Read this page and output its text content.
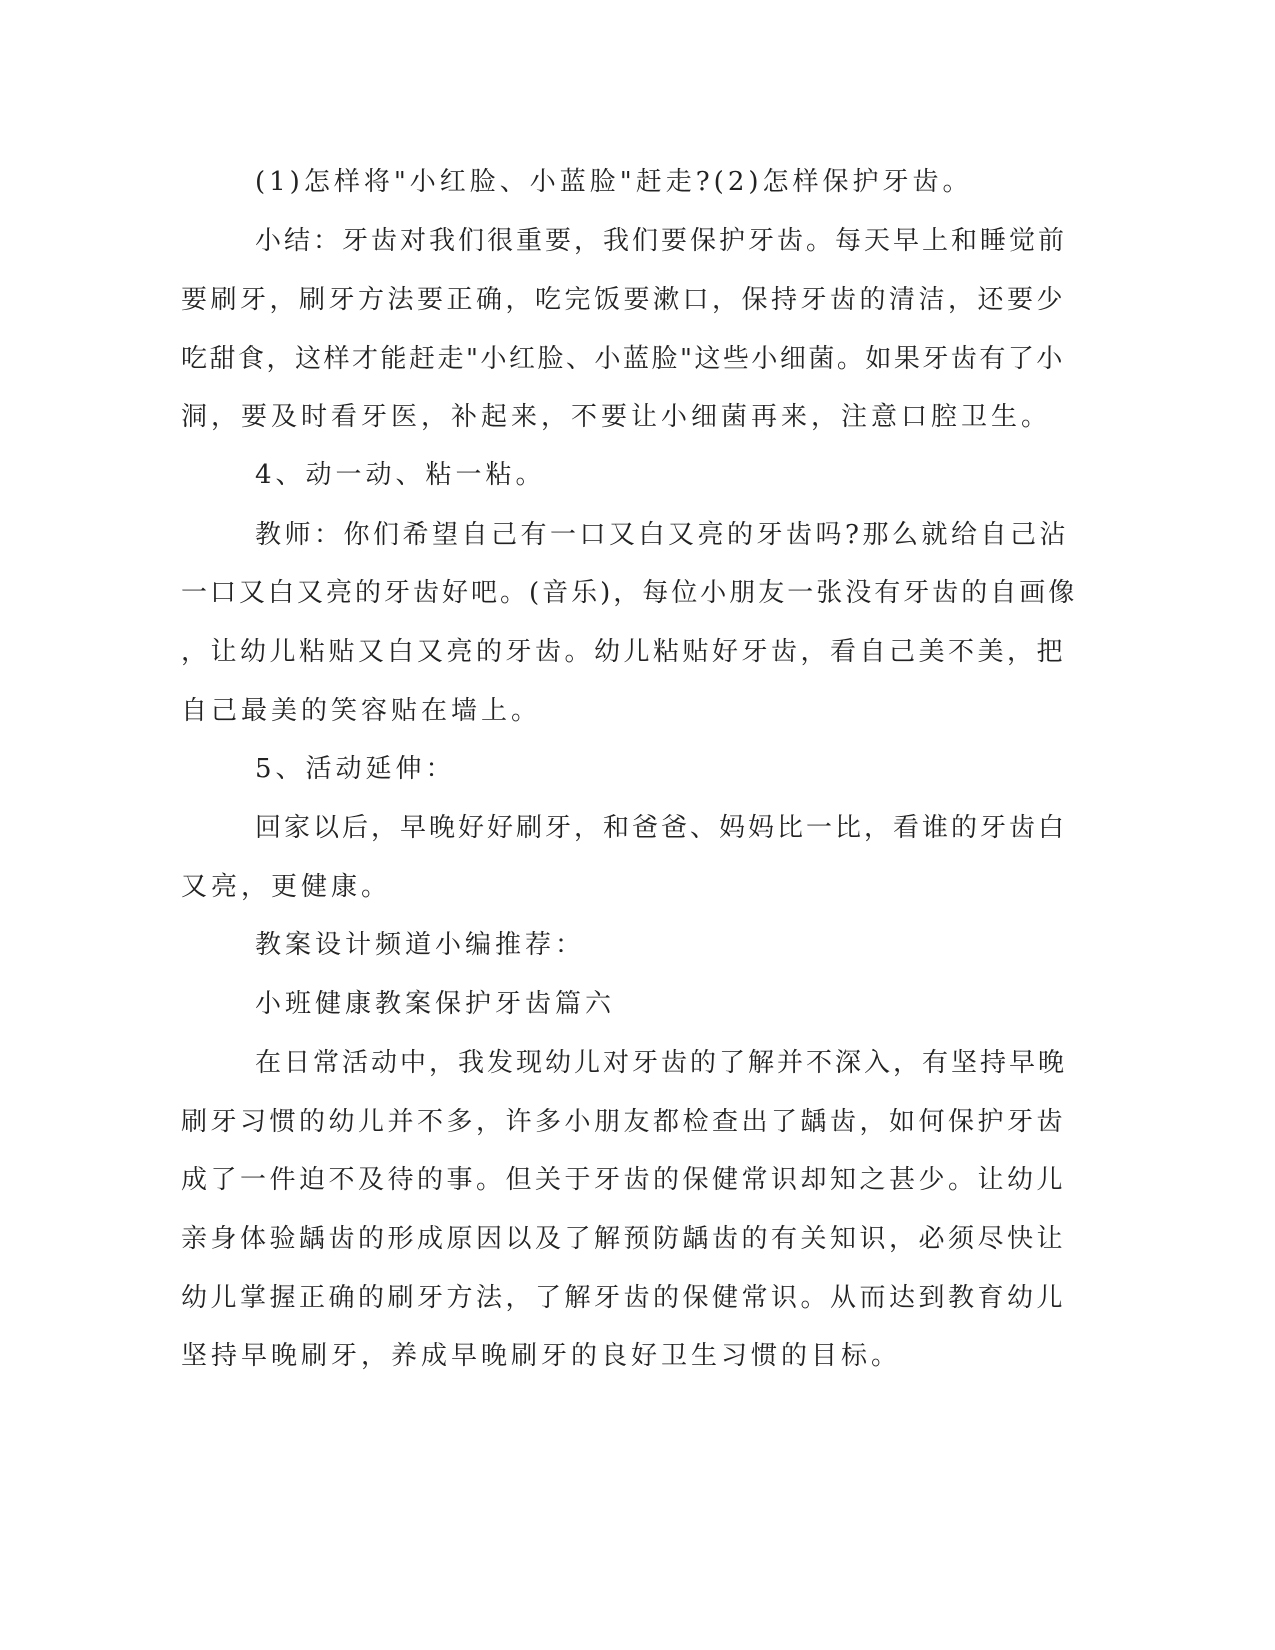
(1)怎样将"小红脸、小蓝脸"赶走?(2)怎样保护牙齿。
小结：牙齿对我们很重要，我们要保护牙齿。每天早上和睡觉前
要刷牙，刷牙方法要正确，吃完饭要漱口，保持牙齿的清洁，还要少
吃甜食，这样才能赶走"小红脸、小蓝脸"这些小细菌。如果牙齿有了小
洞，要及时看牙医，补起来，不要让小细菌再来，注意口腔卫生。
4、动一动、粘一粘。
教师：你们希望自己有一口又白又亮的牙齿吗?那么就给自己沾
一口又白又亮的牙齿好吧。(音乐)，每位小朋友一张没有牙齿的自画像
，让幼儿粘贴又白又亮的牙齿。幼儿粘贴好牙齿，看自己美不美，把
自己最美的笑容贴在墙上。
5、活动延伸：
回家以后，早晚好好刷牙，和爸爸、妈妈比一比，看谁的牙齿白
又亮，更健康。
教案设计频道小编推荐：
小班健康教案保护牙齿篇六
在日常活动中，我发现幼儿对牙齿的了解并不深入，有坚持早晚
刷牙习惯的幼儿并不多，许多小朋友都检查出了龋齿，如何保护牙齿
成了一件迫不及待的事。但关于牙齿的保健常识却知之甚少。让幼儿
亲身体验龋齿的形成原因以及了解预防龋齿的有关知识，必须尽快让
幼儿掌握正确的刷牙方法，了解牙齿的保健常识。从而达到教育幼儿
坚持早晚刷牙，养成早晚刷牙的良好卫生习惯的目标。
